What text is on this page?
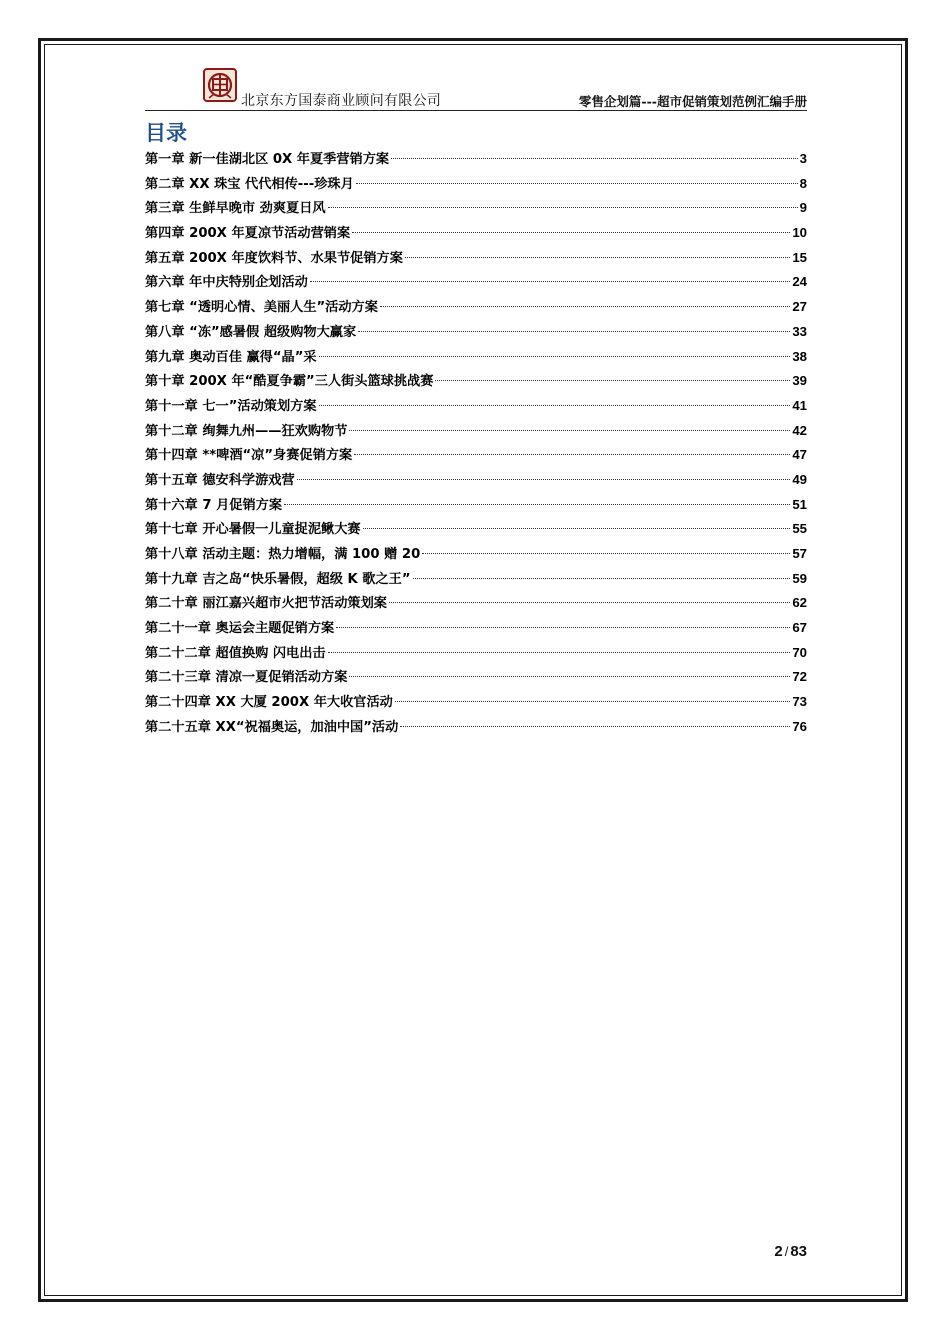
北京东方国泰商业顾问有限公司	零售企划篇---超市促销策划范例汇编手册
目录
第一章 新一佳湖北区 0X 年夏季营销方案	3
第二章 XX 珠宝 代代相传---珍珠月	8
第三章 生鲜早晚市 劲爽夏日风	9
第四章 200X 年夏凉节活动营销案	10
第五章 200X 年度饮料节、水果节促销方案	15
第六章 年中庆特别企划活动	24
第七章 “透明心情、美丽人生”活动方案	27
第八章 “冻”感暑假 超级购物大赢家	33
第九章 奥动百佳 赢得“晶”采	38
第十章 200X 年“酷夏争霸”三人街头篮球挑战赛	39
第十一章 七一”活动策划方案	41
第十二章 绚舞九州——狂欢购物节	42
第十四章 **啤酒“凉”身赛促销方案	47
第十五章 德安科学游戏营	49
第十六章 7 月促销方案	51
第十七章 开心暑假一儿童捉泥鳅大赛	55
第十八章 活动主题：热力增幅，满 100 赠 20	57
第十九章 吉之岛“快乐暑假，超级 K 歌之王”	59
第二十章 丽江嘉兴超市火把节活动策划案	62
第二十一章 奥运会主题促销方案	67
第二十二章 超值换购 闪电出击	70
第二十三章 清凉一夏促销活动方案	72
第二十四章 XX 大厦 200X 年大收官活动	73
第二十五章 XX“祝福奥运，加油中国”活动	76
2 / 83
